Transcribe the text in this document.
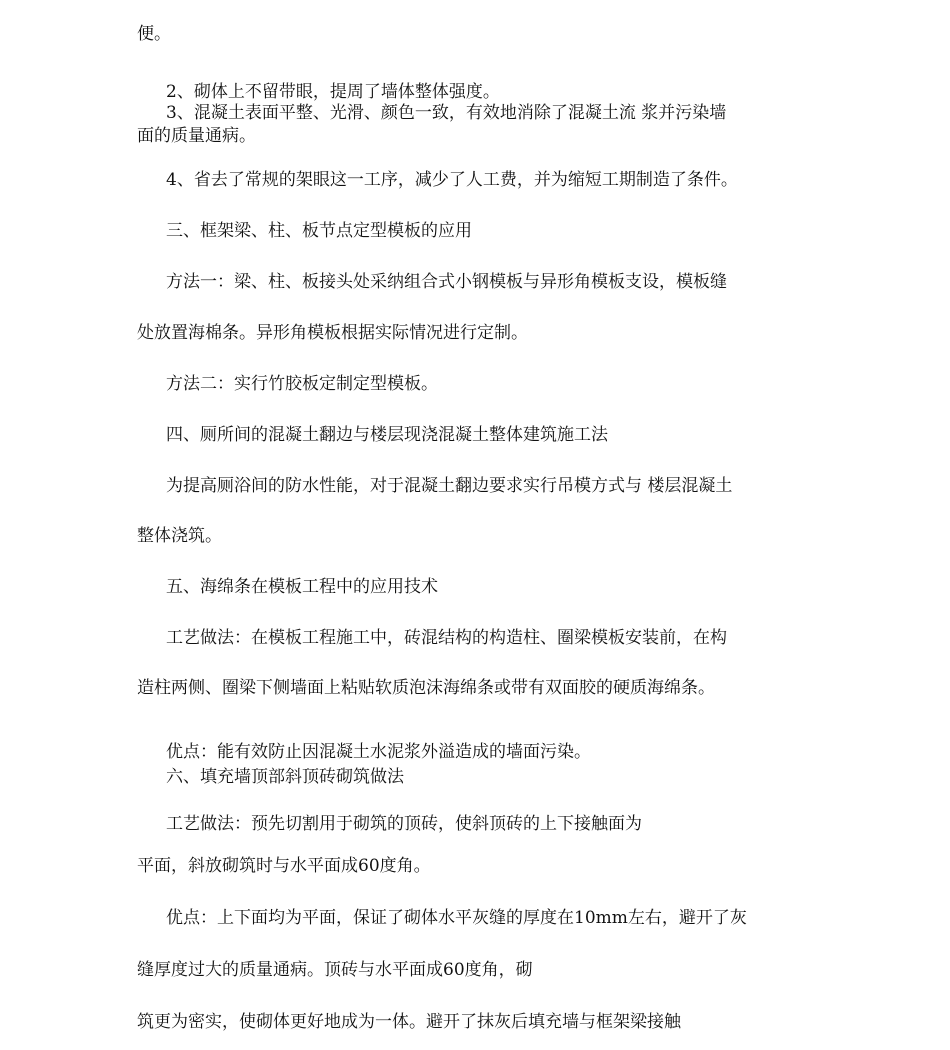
便。
2、砌体上不留带眼，提周了墙体整体强度。
3、混凝土表面平整、光滑、颜色一致，有效地消除了混凝土流 浆并污染墙
面的质量通病。
4、省去了常规的架眼这一工序，减少了人工费，并为缩短工期制造了条件。
三、框架梁、柱、板节点定型模板的应用
方法一：梁、柱、板接头处采纳组合式小钢模板与异形角模板支设，模板缝
处放置海棉条。异形角模板根据实际情况进行定制。
方法二：实行竹胶板定制定型模板。
四、厕所间的混凝土翻边与楼层现浇混凝土整体建筑施工法
为提高厕浴间的防水性能，对于混凝土翻边要求实行吊模方式与 楼层混凝土
整体浇筑。
五、海绵条在模板工程中的应用技术
工艺做法：在模板工程施工中，砖混结构的构造柱、圈梁模板安装前，在构
造柱两侧、圈梁下侧墙面上粘贴软质泡沫海绵条或带有双面胶的硬质海绵条。
优点：能有效防止因混凝土水泥浆外溢造成的墙面污染。
六、填充墙顶部斜顶砖砌筑做法
工艺做法：预先切割用于砌筑的顶砖，使斜顶砖的上下接触面为
平面，斜放砌筑时与水平面成60度角。
优点：上下面均为平面，保证了砌体水平灰缝的厚度在10mm左右，避开了灰
缝厚度过大的质量通病。顶砖与水平面成60度角，砌
筑更为密实，使砌体更好地成为一体。避开了抹灰后填充墙与框架梁接触
